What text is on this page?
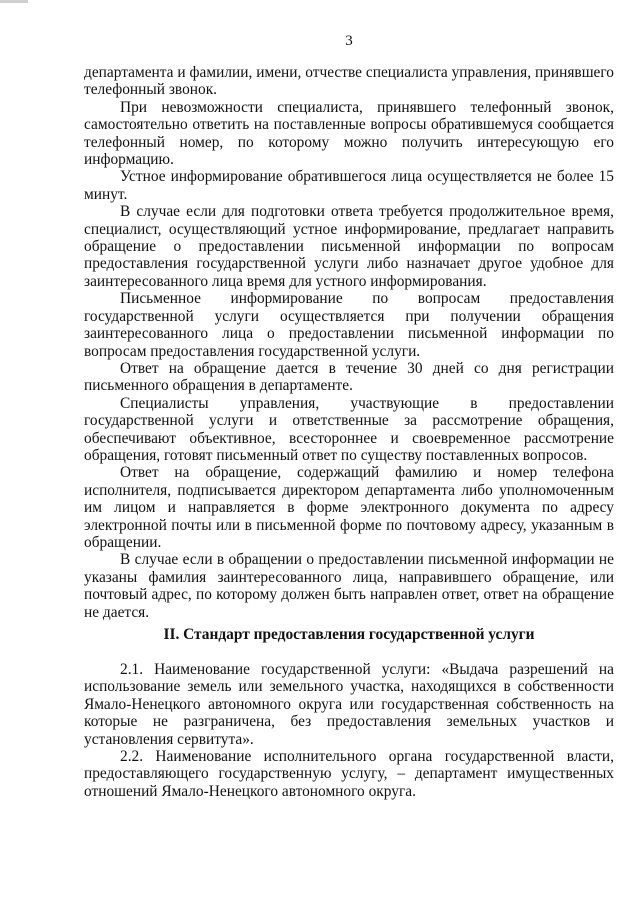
3

департамента и фамилии, имени, отчестве специалиста управления, принявшего телефонный звонок.

При невозможности специалиста, принявшего телефонный звонок, самостоятельно ответить на поставленные вопросы обратившемуся сообщается телефонный номер, по которому можно получить интересующую его информацию.

Устное информирование обратившегося лица осуществляется не более 15 минут.

В случае если для подготовки ответа требуется продолжительное время, специалист, осуществляющий устное информирование, предлагает направить обращение о предоставлении письменной информации по вопросам предоставления государственной услуги либо назначает другое удобное для заинтересованного лица время для устного информирования.

Письменное информирование по вопросам предоставления государственной услуги осуществляется при получении обращения заинтересованного лица о предоставлении письменной информации по вопросам предоставления государственной услуги.

Ответ на обращение дается в течение 30 дней со дня регистрации письменного обращения в департаменте.

Специалисты управления, участвующие в предоставлении государственной услуги и ответственные за рассмотрение обращения, обеспечивают объективное, всестороннее и своевременное рассмотрение обращения, готовят письменный ответ по существу поставленных вопросов.

Ответ на обращение, содержащий фамилию и номер телефона исполнителя, подписывается директором департамента либо уполномоченным им лицом и направляется в форме электронного документа по адресу электронной почты или в письменной форме по почтовому адресу, указанным в обращении.

В случае если в обращении о предоставлении письменной информации не указаны фамилия заинтересованного лица, направившего обращение, или почтовый адрес, по которому должен быть направлен ответ, ответ на обращение не дается.

II. Стандарт предоставления государственной услуги

2.1. Наименование государственной услуги: «Выдача разрешений на использование земель или земельного участка, находящихся в собственности Ямало-Ненецкого автономного округа или государственная собственность на которые не разграничена, без предоставления земельных участков и установления сервитута».

2.2. Наименование исполнительного органа государственной власти, предоставляющего государственную услугу, – департамент имущественных отношений Ямало-Ненецкого автономного округа.
